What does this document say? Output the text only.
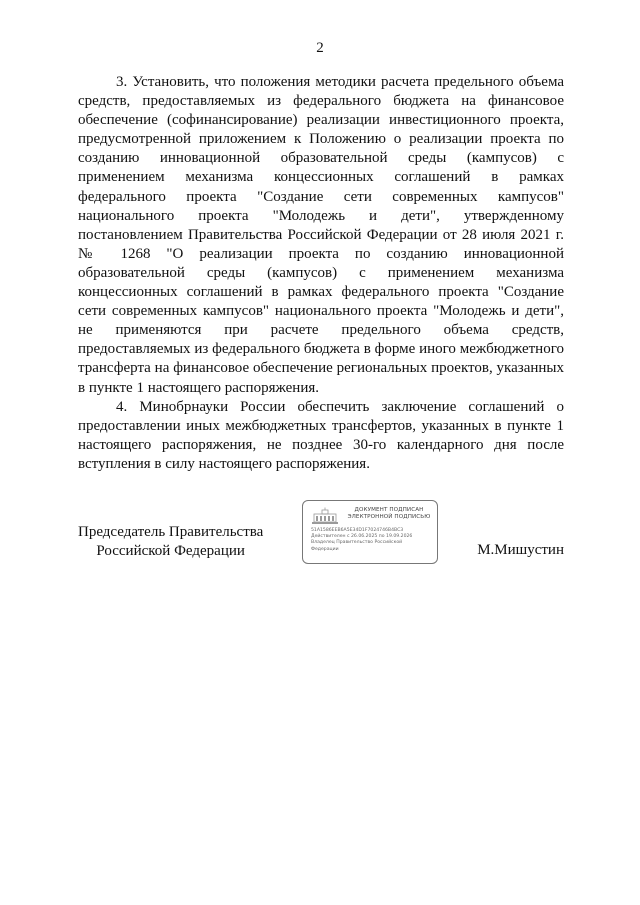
2

3. Установить, что положения методики расчета предельного объема средств, предоставляемых из федерального бюджета на финансовое обеспечение (софинансирование) реализации инвестиционного проекта, предусмотренной приложением к Положению о реализации проекта по созданию инновационной образовательной среды (кампусов) с применением механизма концессионных соглашений в рамках федерального проекта "Создание сети современных кампусов" национального проекта "Молодежь и дети", утвержденному постановлением Правительства Российской Федерации от 28 июля 2021 г. № 1268 "О реализации проекта по созданию инновационной образовательной среды (кампусов) с применением механизма концессионных соглашений в рамках федерального проекта "Создание сети современных кампусов" национального проекта "Молодежь и дети", не применяются при расчете предельного объема средств, предоставляемых из федерального бюджета в форме иного межбюджетного трансферта на финансовое обеспечение региональных проектов, указанных в пункте 1 настоящего распоряжения.

4. Минобрнауки России обеспечить заключение соглашений о предоставлении иных межбюджетных трансфертов, указанных в пункте 1 настоящего распоряжения, не позднее 30-го календарного дня после вступления в силу настоящего распоряжения.

Председатель Правительства
Российской Федерации
ДОКУМЕНТ ПОДПИСАН
ЭЛЕКТРОННОЙ ПОДПИСЬЮ
51A1586EEB6A5E34D1F7024746B4BC3
Действителен с 26.06.2025 по 19.09.2026
Владелец Правительство Российской
Федерации	М.Мишустин
